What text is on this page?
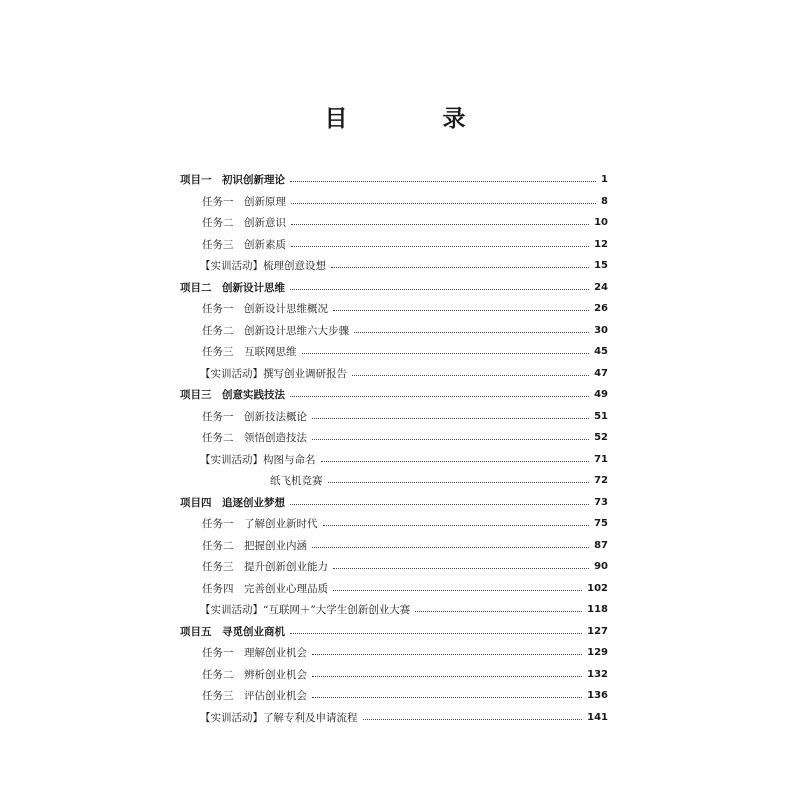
目　录
项目一　初识创新理论	1
任务一　创新原理	8
任务二　创新意识	10
任务三　创新素质	12
【实训活动】梳理创意设想	15
项目二　创新设计思维	24
任务一　创新设计思维概况	26
任务二　创新设计思维六大步骤	30
任务三　互联网思维	45
【实训活动】撰写创业调研报告	47
项目三　创意实践技法	49
任务一　创新技法概论	51
任务二　领悟创造技法	52
【实训活动】构图与命名	71
纸飞机竞赛	72
项目四　追逐创业梦想	73
任务一　了解创业新时代	75
任务二　把握创业内涵	87
任务三　提升创新创业能力	90
任务四　完善创业心理品质	102
【实训活动】“互联网＋”大学生创新创业大赛	118
项目五　寻觅创业商机	127
任务一　理解创业机会	129
任务二　辨析创业机会	132
任务三　评估创业机会	136
【实训活动】了解专利及申请流程	141
